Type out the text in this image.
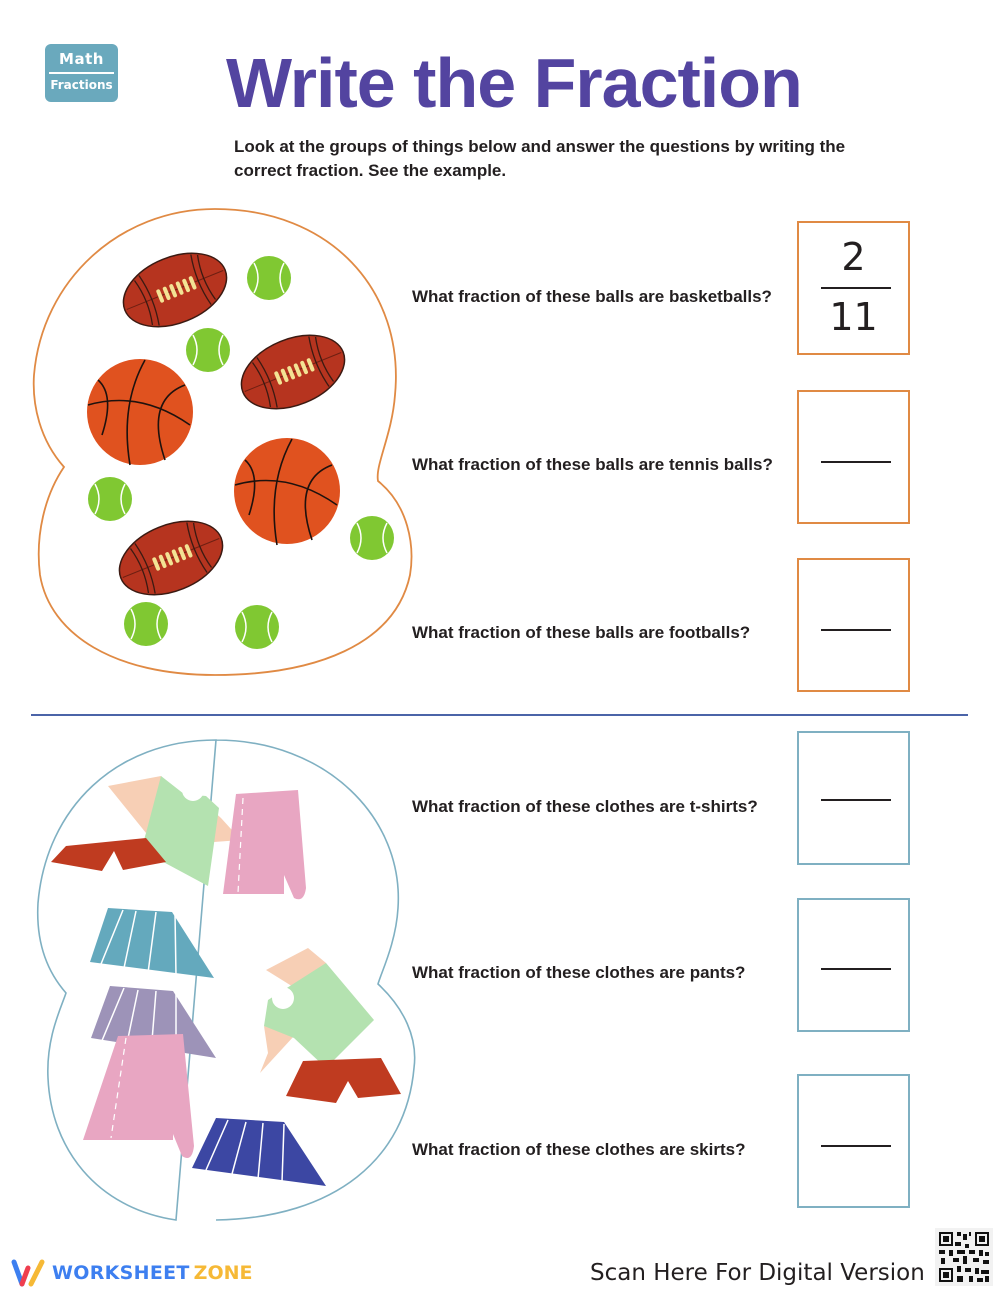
Math
Fractions Write the Fraction
Look at the groups of things below and answer the questions by writing the correct fraction. See the example.
What fraction of these balls are basketballs?
2
11
What fraction of these balls are tennis balls?
What fraction of these balls are footballs?
What fraction of these clothes are t-shirts?
What fraction of these clothes are pants?
What fraction of these clothes are skirts?
WORKSHEET ZONE	Scan Here For Digital Version
